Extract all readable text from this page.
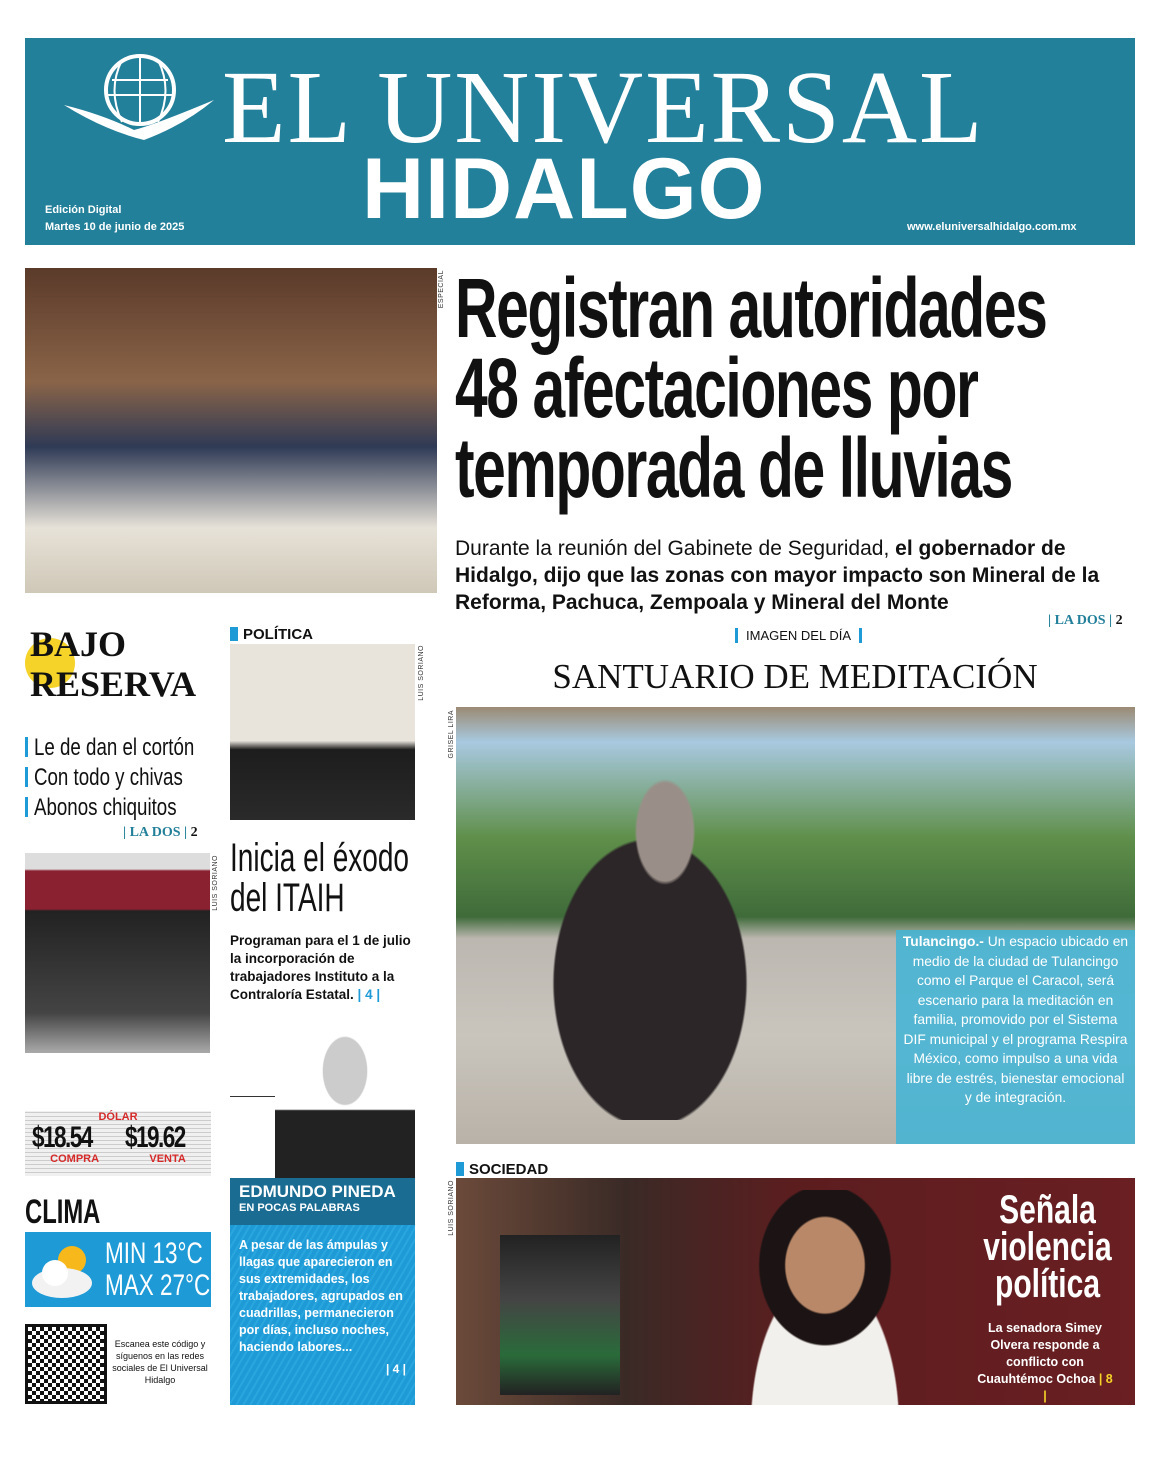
EL UNIVERSAL
HIDALGO
Edición Digital
Martes 10 de junio de 2025	www.eluniversalhidalgo.com.mx
ESPECIAL Registran autoridades
48 afectaciones por
temporada de lluvias
Durante la reunión del Gabinete de Seguridad, el gobernador de Hidalgo, dijo que las zonas con mayor impacto son Mineral de la Reforma, Pachuca, Zempoala y Mineral del Monte
| LA DOS | 2
BAJO
RESERVA
Le de dan el cortón
Con todo y chivas
Abonos chiquitos
| LA DOS | 2
POLÍTICA
LUIS SORIANO
LUIS SORIANO Inicia el éxodo del ITAIH
Programan para el 1 de julio la incorporación de trabajadores Instituto a la Contraloría Estatal. | 4 |
DÓLAR
$18.54 $19.62
COMPRA	VENTA
CLIMA
MIN 13°C
MAX 27°C
Escanea este código y síguenos en las redes sociales de El Universal Hidalgo
EDMUNDO PINEDA
EN POCAS PALABRAS
A pesar de las ámpulas y llagas que aparecieron en sus extremidades, los trabajadores, agrupados en cuadrillas, permanecieron por días, incluso noches, haciendo labores...
| 4 |
IMAGEN DEL DÍA
SANTUARIO DE MEDITACIÓN
GRISEL LIRA
Tulancingo.- Un espacio ubicado en medio de la ciudad de Tulancingo como el Parque el Caracol, será escenario para la meditación en familia, promovido por el Sistema DIF municipal y el programa Respira México, como impulso a una vida libre de estrés, bienestar emocional y de integración.
SOCIEDAD
LUIS SORIANO	Señala violencia política
La senadora Simey Olvera responde a conflicto con Cuauhtémoc Ochoa | 8 |
